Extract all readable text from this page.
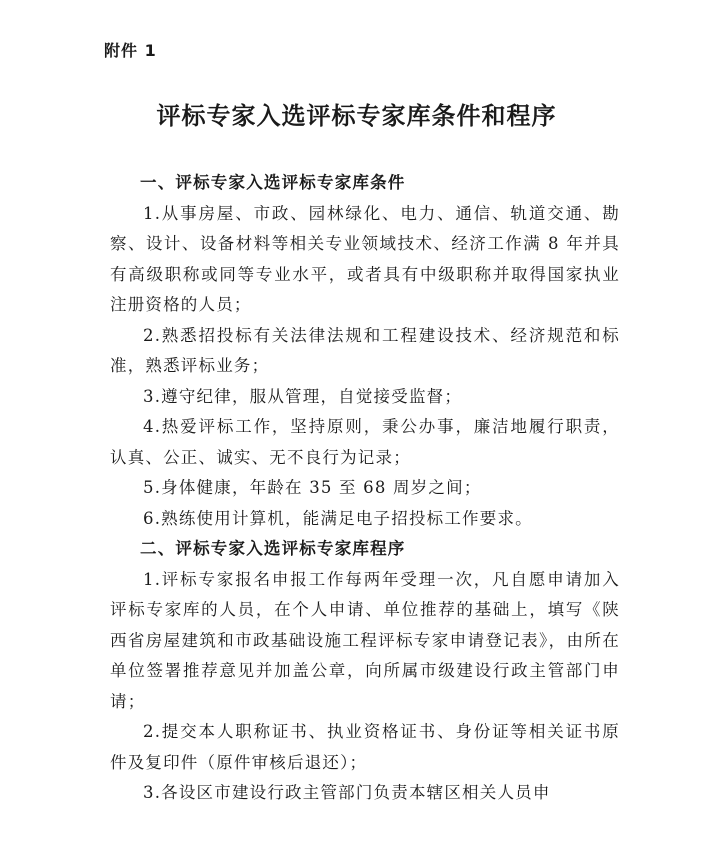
附件 1
评标专家入选评标专家库条件和程序

一、评标专家入选评标专家库条件

1.从事房屋、市政、园林绿化、电力、通信、轨道交通、勘察、设计、设备材料等相关专业领域技术、经济工作满 8 年并具有高级职称或同等专业水平，或者具有中级职称并取得国家执业注册资格的人员；

2.熟悉招投标有关法律法规和工程建设技术、经济规范和标准，熟悉评标业务；

3.遵守纪律，服从管理，自觉接受监督；

4.热爱评标工作，坚持原则，秉公办事，廉洁地履行职责，认真、公正、诚实、无不良行为记录；

5.身体健康，年龄在 35 至 68 周岁之间；

6.熟练使用计算机，能满足电子招投标工作要求。

二、评标专家入选评标专家库程序

1.评标专家报名申报工作每两年受理一次，凡自愿申请加入评标专家库的人员，在个人申请、单位推荐的基础上，填写《陕西省房屋建筑和市政基础设施工程评标专家申请登记表》，由所在单位签署推荐意见并加盖公章，向所属市级建设行政主管部门申请；

2.提交本人职称证书、执业资格证书、身份证等相关证书原件及复印件（原件审核后退还）；

3.各设区市建设行政主管部门负责本辖区相关人员申
